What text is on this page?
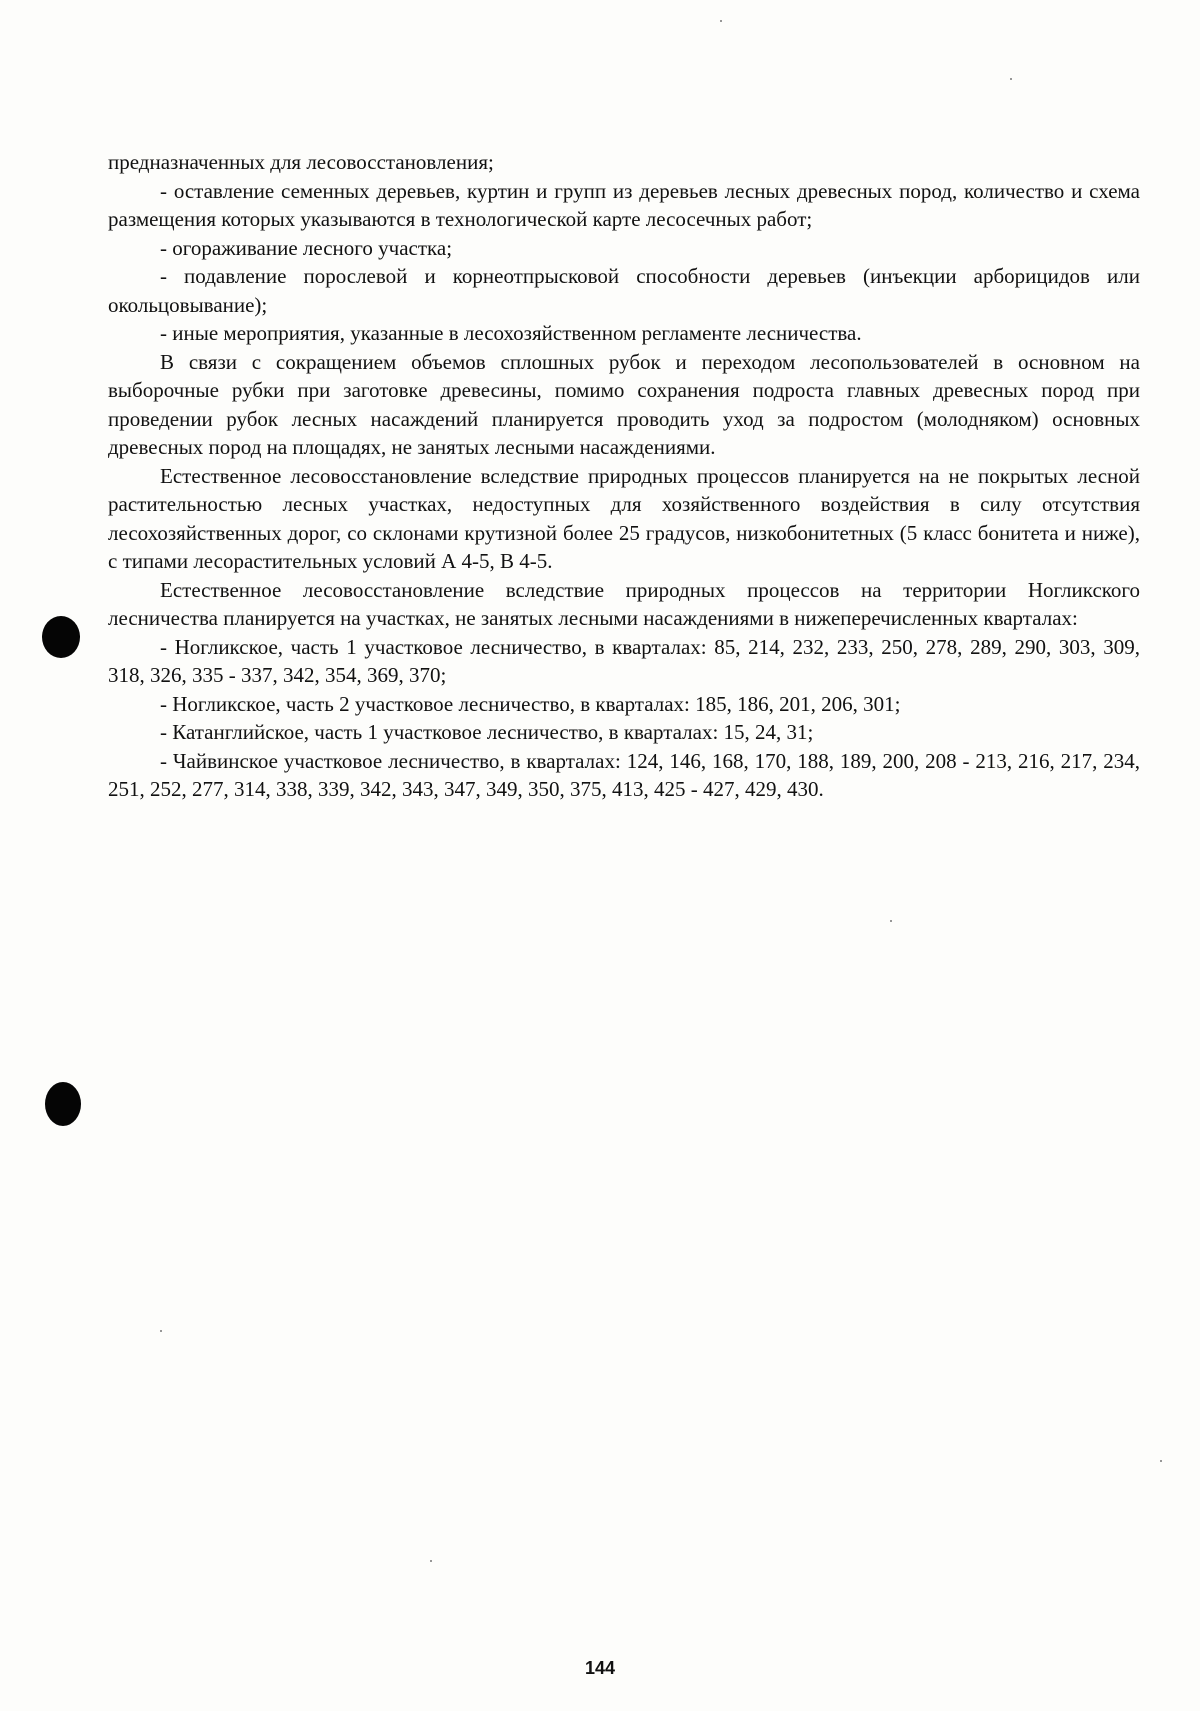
предназначенных для лесовосстановления;

- оставление семенных деревьев, куртин и групп из деревьев лесных древесных пород, количество и схема размещения которых указываются в технологической карте лесосечных работ;

- огораживание лесного участка;

- подавление порослевой и корнеотпрысковой способности деревьев (инъекции арборицидов или окольцовывание);

- иные мероприятия, указанные в лесохозяйственном регламенте лесничества.

В связи с сокращением объемов сплошных рубок и переходом лесопользователей в основном на выборочные рубки при заготовке древесины, помимо сохранения подроста главных древесных пород при проведении рубок лесных насаждений планируется проводить уход за подростом (молодняком) основных древесных пород на площадях, не занятых лесными насаждениями.

Естественное лесовосстановление вследствие природных процессов планируется на не покрытых лесной растительностью лесных участках, недоступных для хозяйственного воздействия в силу отсутствия лесохозяйственных дорог, со склонами крутизной более 25 градусов, низкобонитетных (5 класс бонитета и ниже), с типами лесорастительных условий А 4-5, В 4-5.

Естественное лесовосстановление вследствие природных процессов на территории Ногликского лесничества планируется на участках, не занятых лесными насаждениями в нижеперечисленных кварталах:

- Ногликское, часть 1 участковое лесничество, в кварталах: 85, 214, 232, 233, 250, 278, 289, 290, 303, 309, 318, 326, 335 - 337, 342, 354, 369, 370;

- Ногликское, часть 2 участковое лесничество, в кварталах: 185, 186, 201, 206, 301;

- Катанглийское, часть 1 участковое лесничество, в кварталах: 15, 24, 31;

- Чайвинское участковое лесничество, в кварталах: 124, 146, 168, 170, 188, 189, 200, 208 - 213, 216, 217, 234, 251, 252, 277, 314, 338, 339, 342, 343, 347, 349, 350, 375, 413, 425 - 427, 429, 430.

144
